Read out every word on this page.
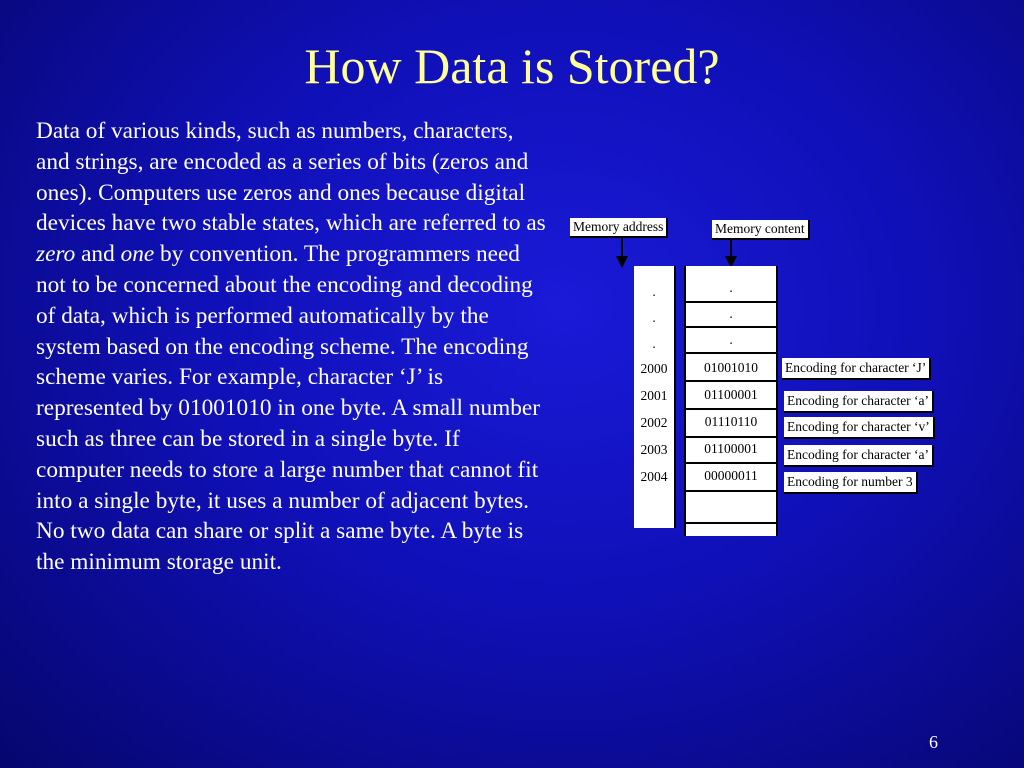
How Data is Stored?

Data of various kinds, such as numbers, characters, and strings, are encoded as a series of bits (zeros and ones). Computers use zeros and ones because digital devices have two stable states, which are referred to as zero and one by convention. The programmers need not to be concerned about the encoding and decoding of data, which is performed automatically by the system based on the encoding scheme. The encoding scheme varies. For example, character ‘J’ is represented by 01001010 in one byte. A small number such as three can be stored in a single byte. If computer needs to store a large number that cannot fit into a single byte, it uses a number of adjacent bytes. No two data can share or split a same byte. A byte is the minimum storage unit.

Memory address	Memory content
.
.
.
2000
2001
2002
2003
2004
.
.
.
01001010
01100001
01110110
01100001
00000011
Encoding for character ‘J’
Encoding for character ‘a’
Encoding for character ‘v’
Encoding for character ‘a’
Encoding for number 3
6
